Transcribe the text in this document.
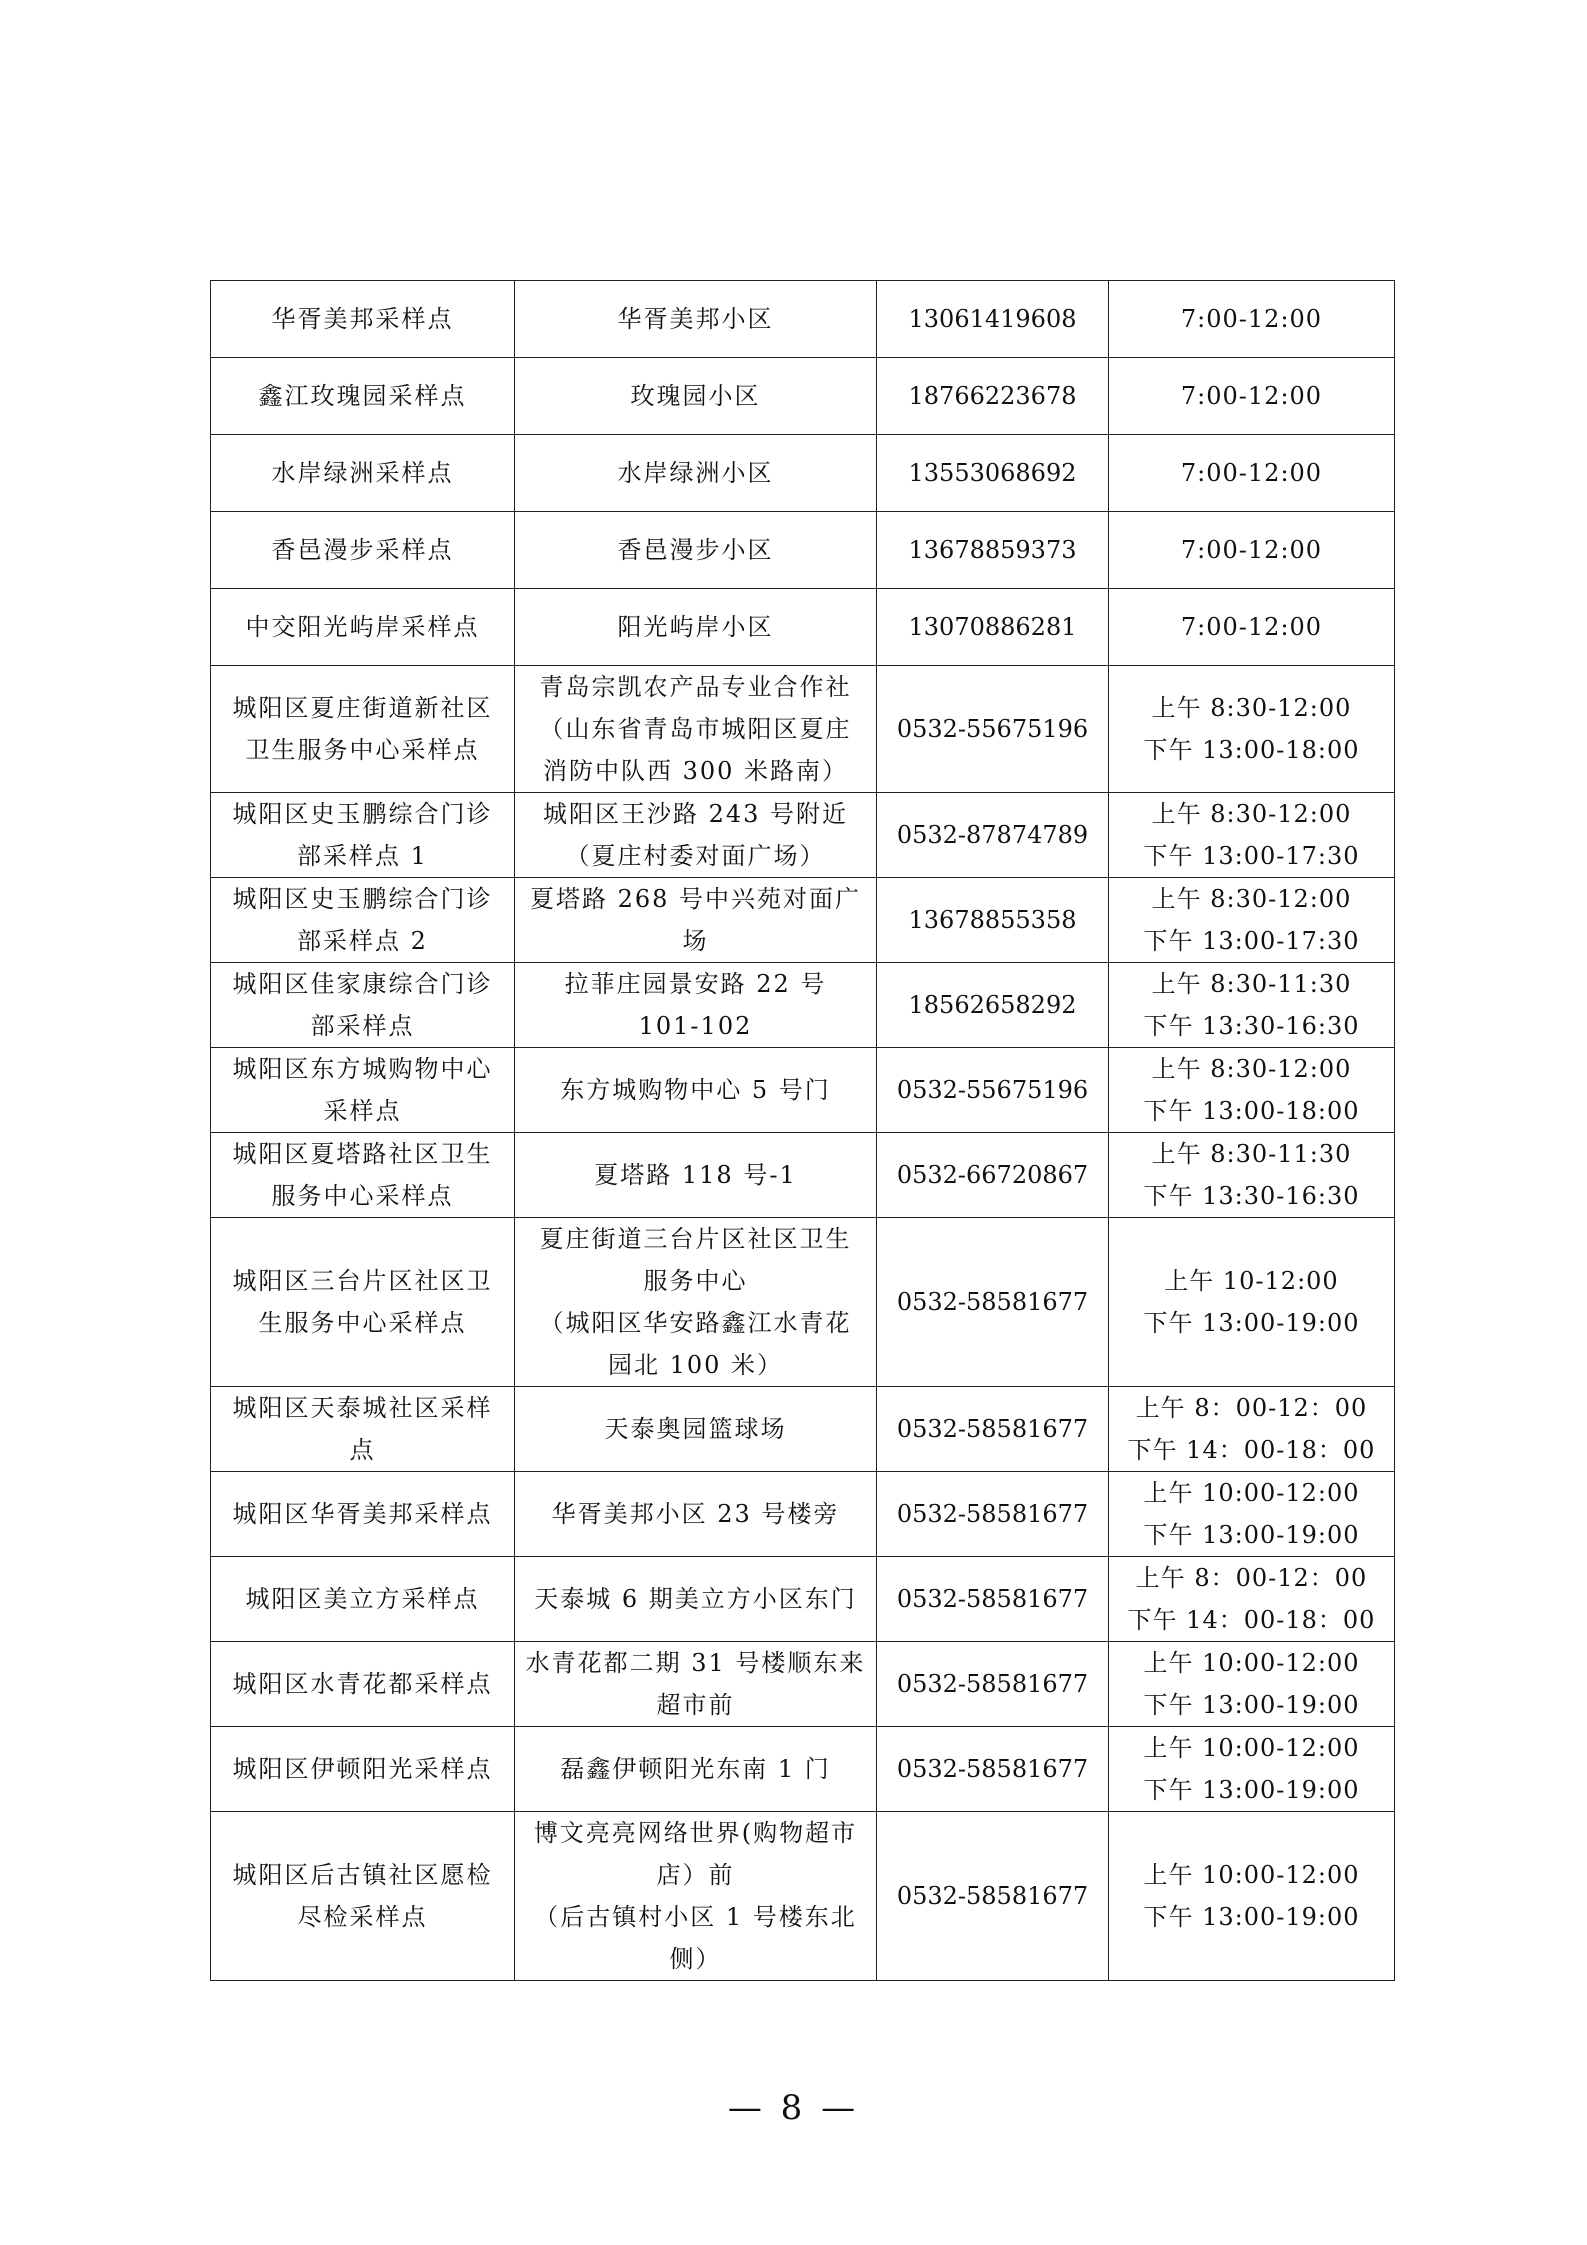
华胥美邦采样点	华胥美邦小区	13061419608	7:00-12:00

鑫江玫瑰园采样点	玫瑰园小区	18766223678	7:00-12:00

水岸绿洲采样点	水岸绿洲小区	13553068692	7:00-12:00

香邑漫步采样点	香邑漫步小区	13678859373	7:00-12:00

中交阳光屿岸采样点	阳光屿岸小区	13070886281	7:00-12:00

城阳区夏庄街道新社区
卫生服务中心采样点	青岛宗凯农产品专业合作社
（山东省青岛市城阳区夏庄
消防中队西 300 米路南）	0532-55675196	上午 8:30-12:00
下午 13:00-18:00

城阳区史玉鹏综合门诊
部采样点 1	城阳区王沙路 243 号附近
（夏庄村委对面广场）	0532-87874789	上午 8:30-12:00
下午 13:00-17:30

城阳区史玉鹏综合门诊
部采样点 2	夏塔路 268 号中兴苑对面广
场	13678855358	上午 8:30-12:00
下午 13:00-17:30

城阳区佳家康综合门诊
部采样点	拉菲庄园景安路 22 号
101-102	18562658292	上午 8:30-11:30
下午 13:30-16:30

城阳区东方城购物中心
采样点	东方城购物中心 5 号门	0532-55675196	上午 8:30-12:00
下午 13:00-18:00

城阳区夏塔路社区卫生
服务中心采样点	夏塔路 118 号-1	0532-66720867	上午 8:30-11:30
下午 13:30-16:30

城阳区三台片区社区卫
生服务中心采样点	夏庄街道三台片区社区卫生
服务中心
（城阳区华安路鑫江水青花
园北 100 米）	0532-58581677	上午 10-12:00
下午 13:00-19:00

城阳区天泰城社区采样
点	天泰奥园篮球场	0532-58581677	上午 8：00-12：00
下午 14：00-18：00

城阳区华胥美邦采样点	华胥美邦小区 23 号楼旁	0532-58581677	上午 10:00-12:00
下午 13:00-19:00

城阳区美立方采样点	天泰城 6 期美立方小区东门	0532-58581677	上午 8：00-12：00
下午 14：00-18：00

城阳区水青花都采样点	水青花都二期 31 号楼顺东来
超市前	0532-58581677	上午 10:00-12:00
下午 13:00-19:00

城阳区伊顿阳光采样点	磊鑫伊顿阳光东南 1 门	0532-58581677	上午 10:00-12:00
下午 13:00-19:00

城阳区后古镇社区愿检
尽检采样点	博文亮亮网络世界(购物超市
店）前
（后古镇村小区 1 号楼东北
侧）	0532-58581677	上午 10:00-12:00
下午 13:00-19:00
— 8 —
